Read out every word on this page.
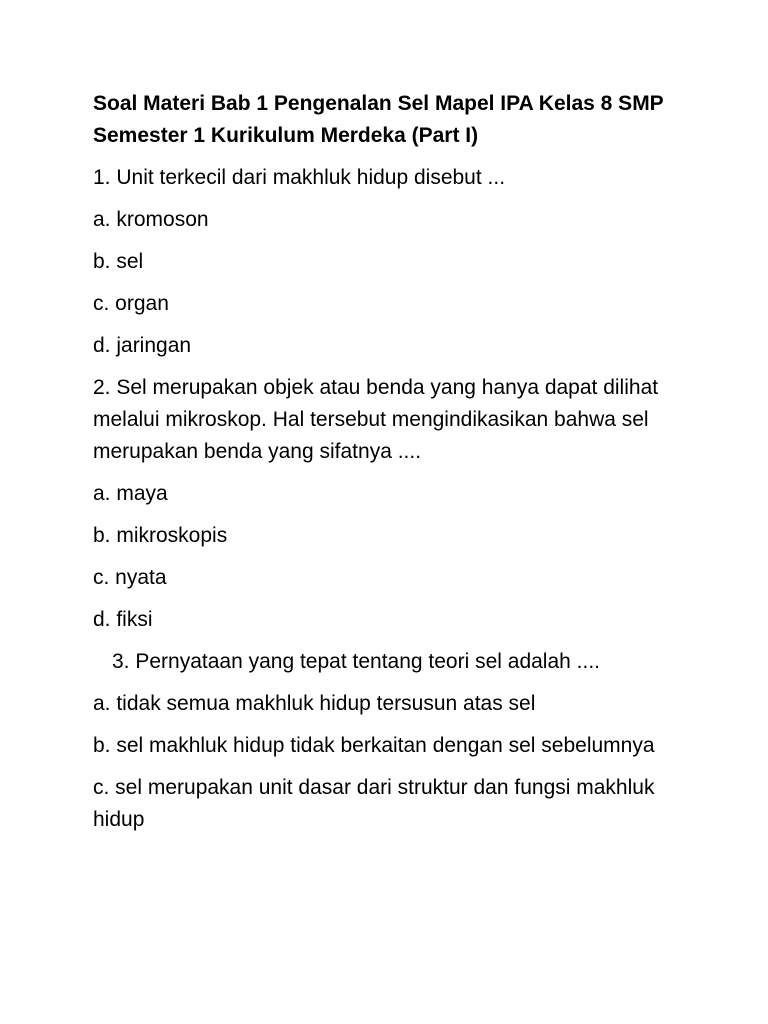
Soal Materi Bab 1 Pengenalan Sel Mapel IPA Kelas 8 SMP Semester 1 Kurikulum Merdeka (Part I)
1. Unit terkecil dari makhluk hidup disebut ...
a. kromoson
b. sel
c. organ
d. jaringan
2. Sel merupakan objek atau benda yang hanya dapat dilihat melalui mikroskop. Hal tersebut mengindikasikan bahwa sel merupakan benda yang sifatnya ....
a. maya
b. mikroskopis
c. nyata
d. fiksi
3. Pernyataan yang tepat tentang teori sel adalah ....
a. tidak semua makhluk hidup tersusun atas sel
b. sel makhluk hidup tidak berkaitan dengan sel sebelumnya
c. sel merupakan unit dasar dari struktur dan fungsi makhluk hidup
